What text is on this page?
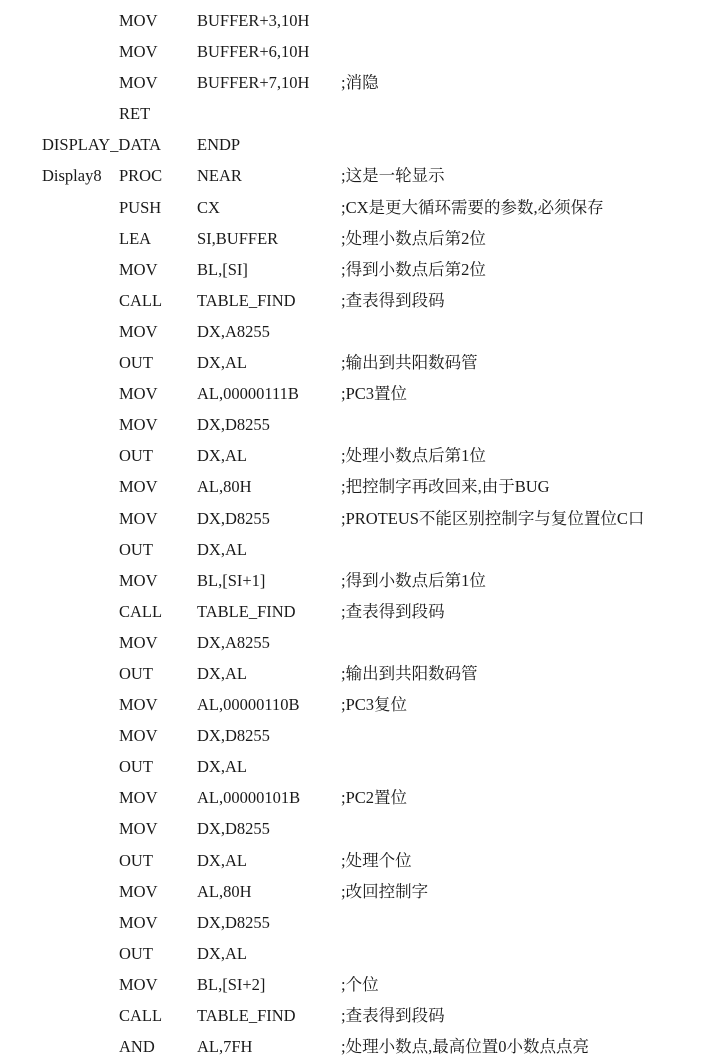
MOV BUFFER+3,10H
MOV BUFFER+6,10H
MOV BUFFER+7,10H ;消隐
RET
DISPLAY_DATA ENDP
Display8 PROC NEAR	;这是一轮显示
PUSH CX	;CX是更大循环需要的参数,必须保存
LEA	SI,BUFFER	;处理小数点后第2位
MOV BL,[SI]	;得到小数点后第2位
CALL TABLE_FIND	;查表得到段码
MOV DX,A8255
OUT	DX,AL	;输出到共阳数码管
MOV AL,00000111B	;PC3置位
MOV DX,D8255
OUT	DX,AL	;处理小数点后第1位
MOV AL,80H	;把控制字再改回来,由于BUG
MOV DX,D8255	;PROTEUS不能区别控制字与复位置位C口
OUT	DX,AL
MOV BL,[SI+1]	;得到小数点后第1位
CALL TABLE_FIND	;查表得到段码
MOV DX,A8255
OUT	DX,AL	;输出到共阳数码管
MOV AL,00000110B	;PC3复位
MOV DX,D8255
OUT	DX,AL
MOV AL,00000101B ;PC2置位
MOV DX,D8255
OUT	DX,AL	;处理个位
MOV AL,80H	;改回控制字
MOV DX,D8255
OUT	DX,AL
MOV BL,[SI+2]	;个位
CALL TABLE_FIND	;查表得到段码
AND	AL,7FH	;处理小数点,最高位置0小数点点亮
